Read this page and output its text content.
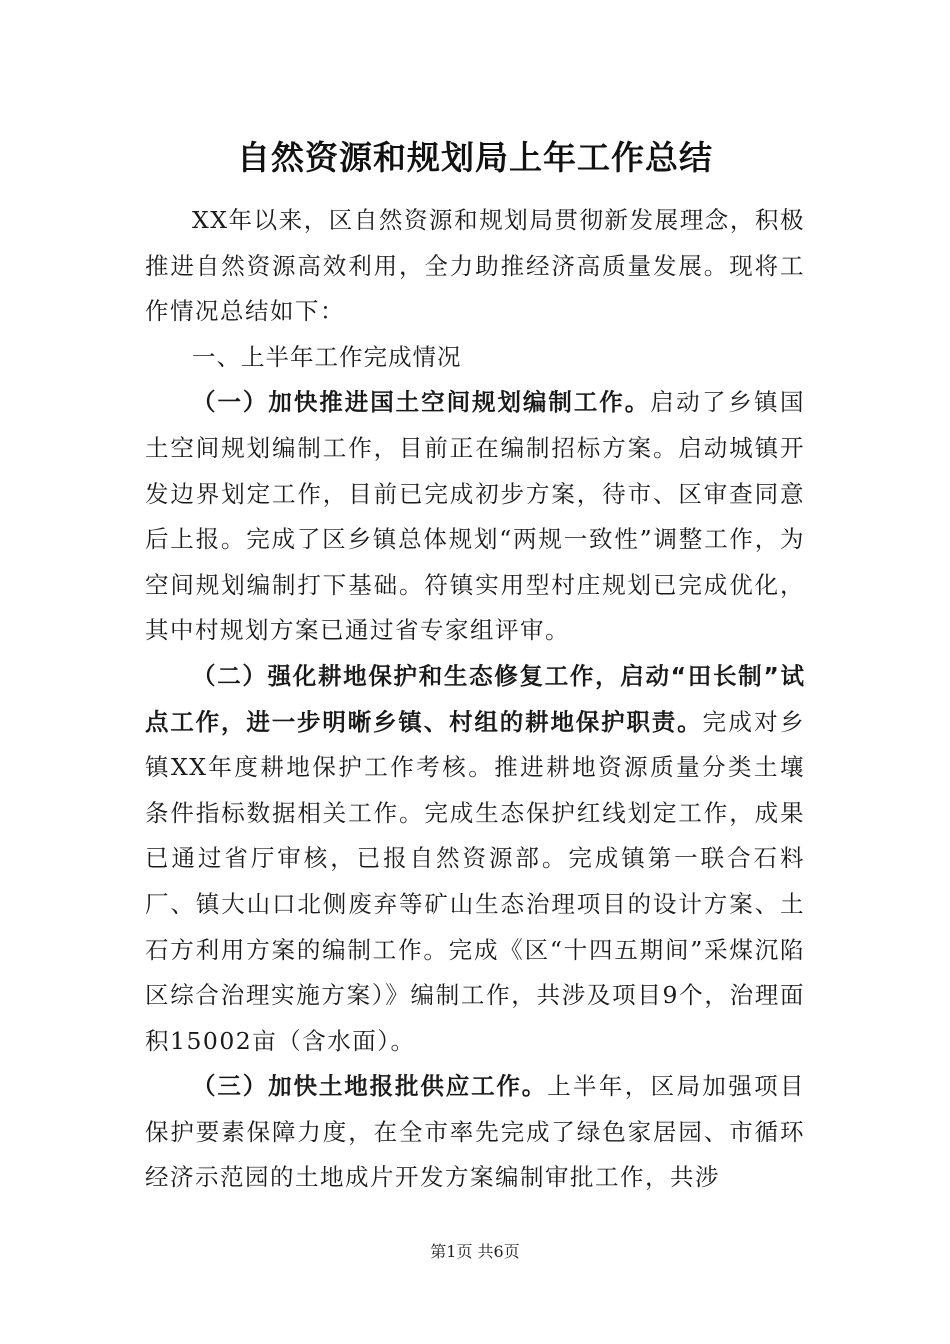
自然资源和规划局上年工作总结

XX年以来，区自然资源和规划局贯彻新发展理念，积极推进自然资源高效利用，全力助推经济高质量发展。现将工作情况总结如下：

一、上半年工作完成情况

（一）加快推进国土空间规划编制工作。启动了乡镇国土空间规划编制工作，目前正在编制招标方案。启动城镇开发边界划定工作，目前已完成初步方案，待市、区审查同意后上报。完成了区乡镇总体规划“两规一致性”调整工作，为空间规划编制打下基础。符镇实用型村庄规划已完成优化，其中村规划方案已通过省专家组评审。

（二）强化耕地保护和生态修复工作，启动“田长制”试点工作，进一步明晰乡镇、村组的耕地保护职责。完成对乡镇XX年度耕地保护工作考核。推进耕地资源质量分类土壤条件指标数据相关工作。完成生态保护红线划定工作，成果已通过省厅审核，已报自然资源部。完成镇第一联合石料厂、镇大山口北侧废弃等矿山生态治理项目的设计方案、土石方利用方案的编制工作。完成《区“十四五期间”采煤沉陷区综合治理实施方案）》编制工作，共涉及项目9个，治理面积15002亩（含水面）。

（三）加快土地报批供应工作。上半年，区局加强项目保护要素保障力度，在全市率先完成了绿色家居园、市循环经济示范园的土地成片开发方案编制审批工作，共涉

第1页 共6页
